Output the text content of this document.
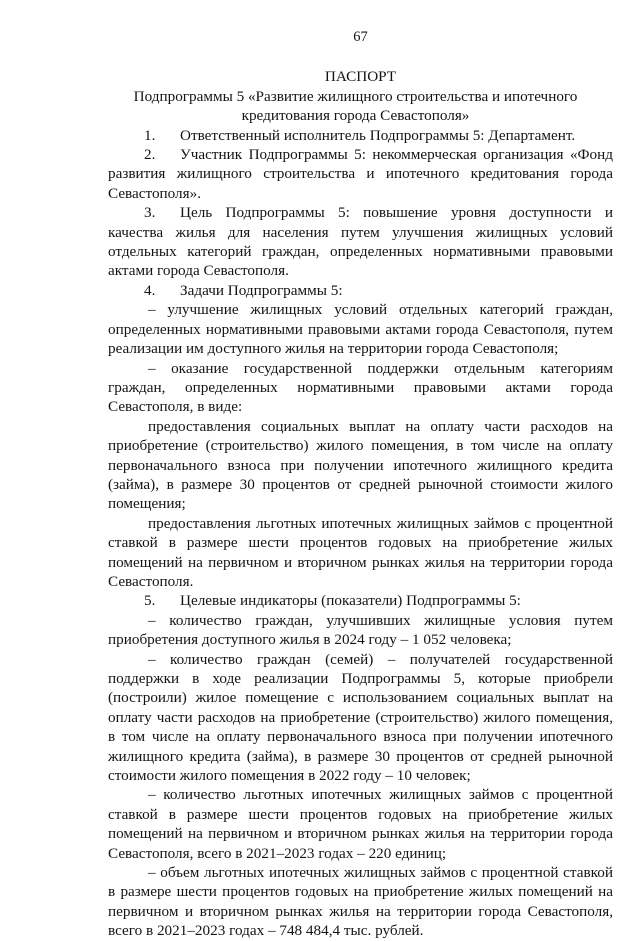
67
ПАСПОРТ
Подпрограммы 5 «Развитие жилищного строительства и ипотечного кредитования города Севастополя»

1. Ответственный исполнитель Подпрограммы 5: Департамент.

2. Участник Подпрограммы 5: некоммерческая организация «Фонд развития жилищного строительства и ипотечного кредитования города Севастополя».

3. Цель Подпрограммы 5: повышение уровня доступности и качества жилья для населения путем улучшения жилищных условий отдельных категорий граждан, определенных нормативными правовыми актами города Севастополя.

4. Задачи Подпрограммы 5:

– улучшение жилищных условий отдельных категорий граждан, определенных нормативными правовыми актами города Севастополя, путем реализации им доступного жилья на территории города Севастополя;

– оказание государственной поддержки отдельным категориям граждан, определенных нормативными правовыми актами города Севастополя, в виде:

предоставления социальных выплат на оплату части расходов на приобретение (строительство) жилого помещения, в том числе на оплату первоначального взноса при получении ипотечного жилищного кредита (займа), в размере 30 процентов от средней рыночной стоимости жилого помещения;

предоставления льготных ипотечных жилищных займов с процентной ставкой в размере шести процентов годовых на приобретение жилых помещений на первичном и вторичном рынках жилья на территории города Севастополя.

5. Целевые индикаторы (показатели) Подпрограммы 5:

– количество граждан, улучшивших жилищные условия путем приобретения доступного жилья в 2024 году – 1 052 человека;

– количество граждан (семей) – получателей государственной поддержки в ходе реализации Подпрограммы 5, которые приобрели (построили) жилое помещение с использованием социальных выплат на оплату части расходов на приобретение (строительство) жилого помещения, в том числе на оплату первоначального взноса при получении ипотечного жилищного кредита (займа), в размере 30 процентов от средней рыночной стоимости жилого помещения в 2022 году – 10 человек;

– количество льготных ипотечных жилищных займов с процентной ставкой в размере шести процентов годовых на приобретение жилых помещений на первичном и вторичном рынках жилья на территории города Севастополя, всего в 2021–2023 годах – 220 единиц;

– объем льготных ипотечных жилищных займов с процентной ставкой в размере шести процентов годовых на приобретение жилых помещений на первичном и вторичном рынках жилья на территории города Севастополя, всего в 2021–2023 годах – 748 484,4 тыс. рублей.
